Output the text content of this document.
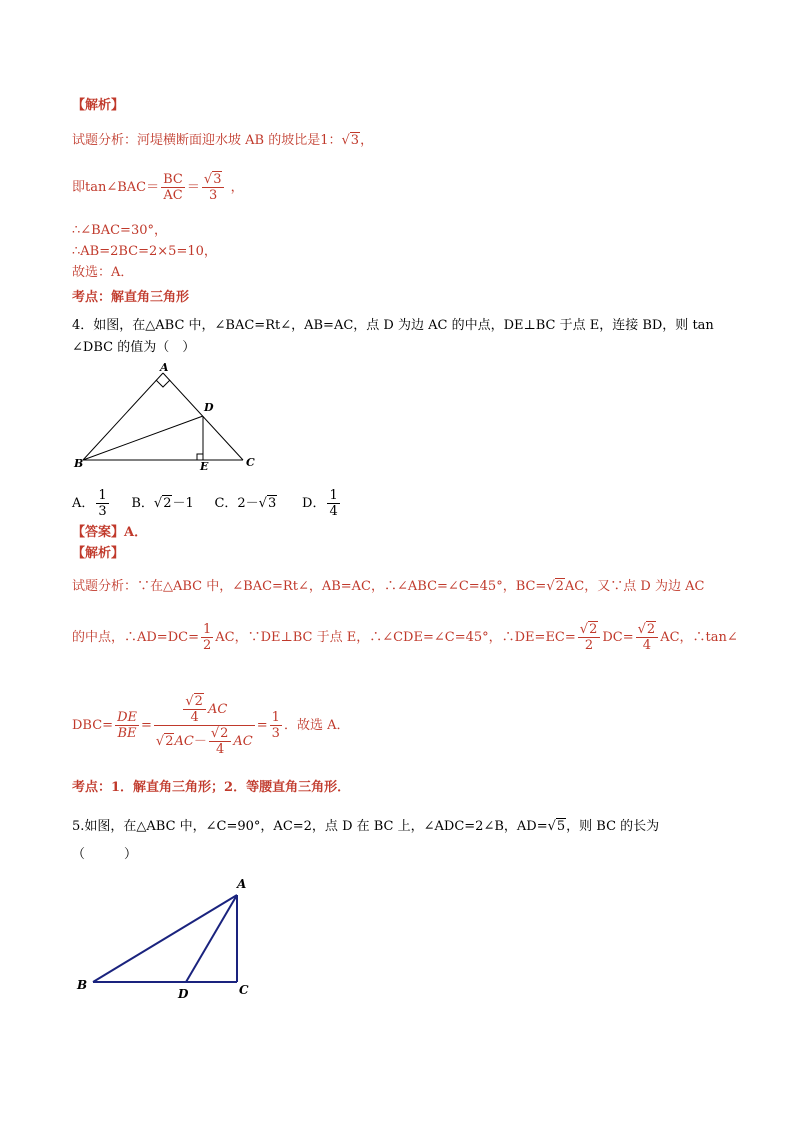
【解析】
试题分析：河堤横断面迎水坡 AB 的坡比是1：√3，
即tan∠BAC＝ $\frac{BC}{AC} = \frac{√3}{3}$ ，
∴∠BAC=30°，
∴AB=2BC=2×5=10，
故选：A．
考点：解直角三角形
4．如图，在△ABC 中，∠BAC=Rt∠，AB=AC，点 D 为边 AC 的中点，DE⊥BC 于点 E，连接 BD，则 tan
∠DBC 的值为（　）
A
B	C
D
E
A． $\frac{1}{3}$ B．√2－1 C．2－√3 D． $\frac{1}{4}$
【答案】A．
【解析】
试题分析：∵在△ABC 中，∠BAC=Rt∠，AB=AC，∴∠ABC=∠C=45°，BC=√2AC，又∵点 D 为边 AC
的中点，∴AD=DC= $\frac{1}{2}$ AC，∵DE⊥BC 于点 E，∴∠CDE=∠C=45°，∴DE=EC= $\frac{√2}{2} DC= \frac{√2}{4}$ AC，∴tan∠
$DBC= \frac{DE}{BE} = \frac{\frac{√2}{4} AC}{√2AC- \frac{√2}{4} AC} = \frac{1}{3}$ ．故选 A．
考点：1．解直角三角形；2．等腰直角三角形．
5.如图，在△ABC 中，∠C=90°，AC=2，点 D 在 BC 上，∠ADC=2∠B，AD=√5，则 BC 的长为
（　　　）
A
B	C
D
